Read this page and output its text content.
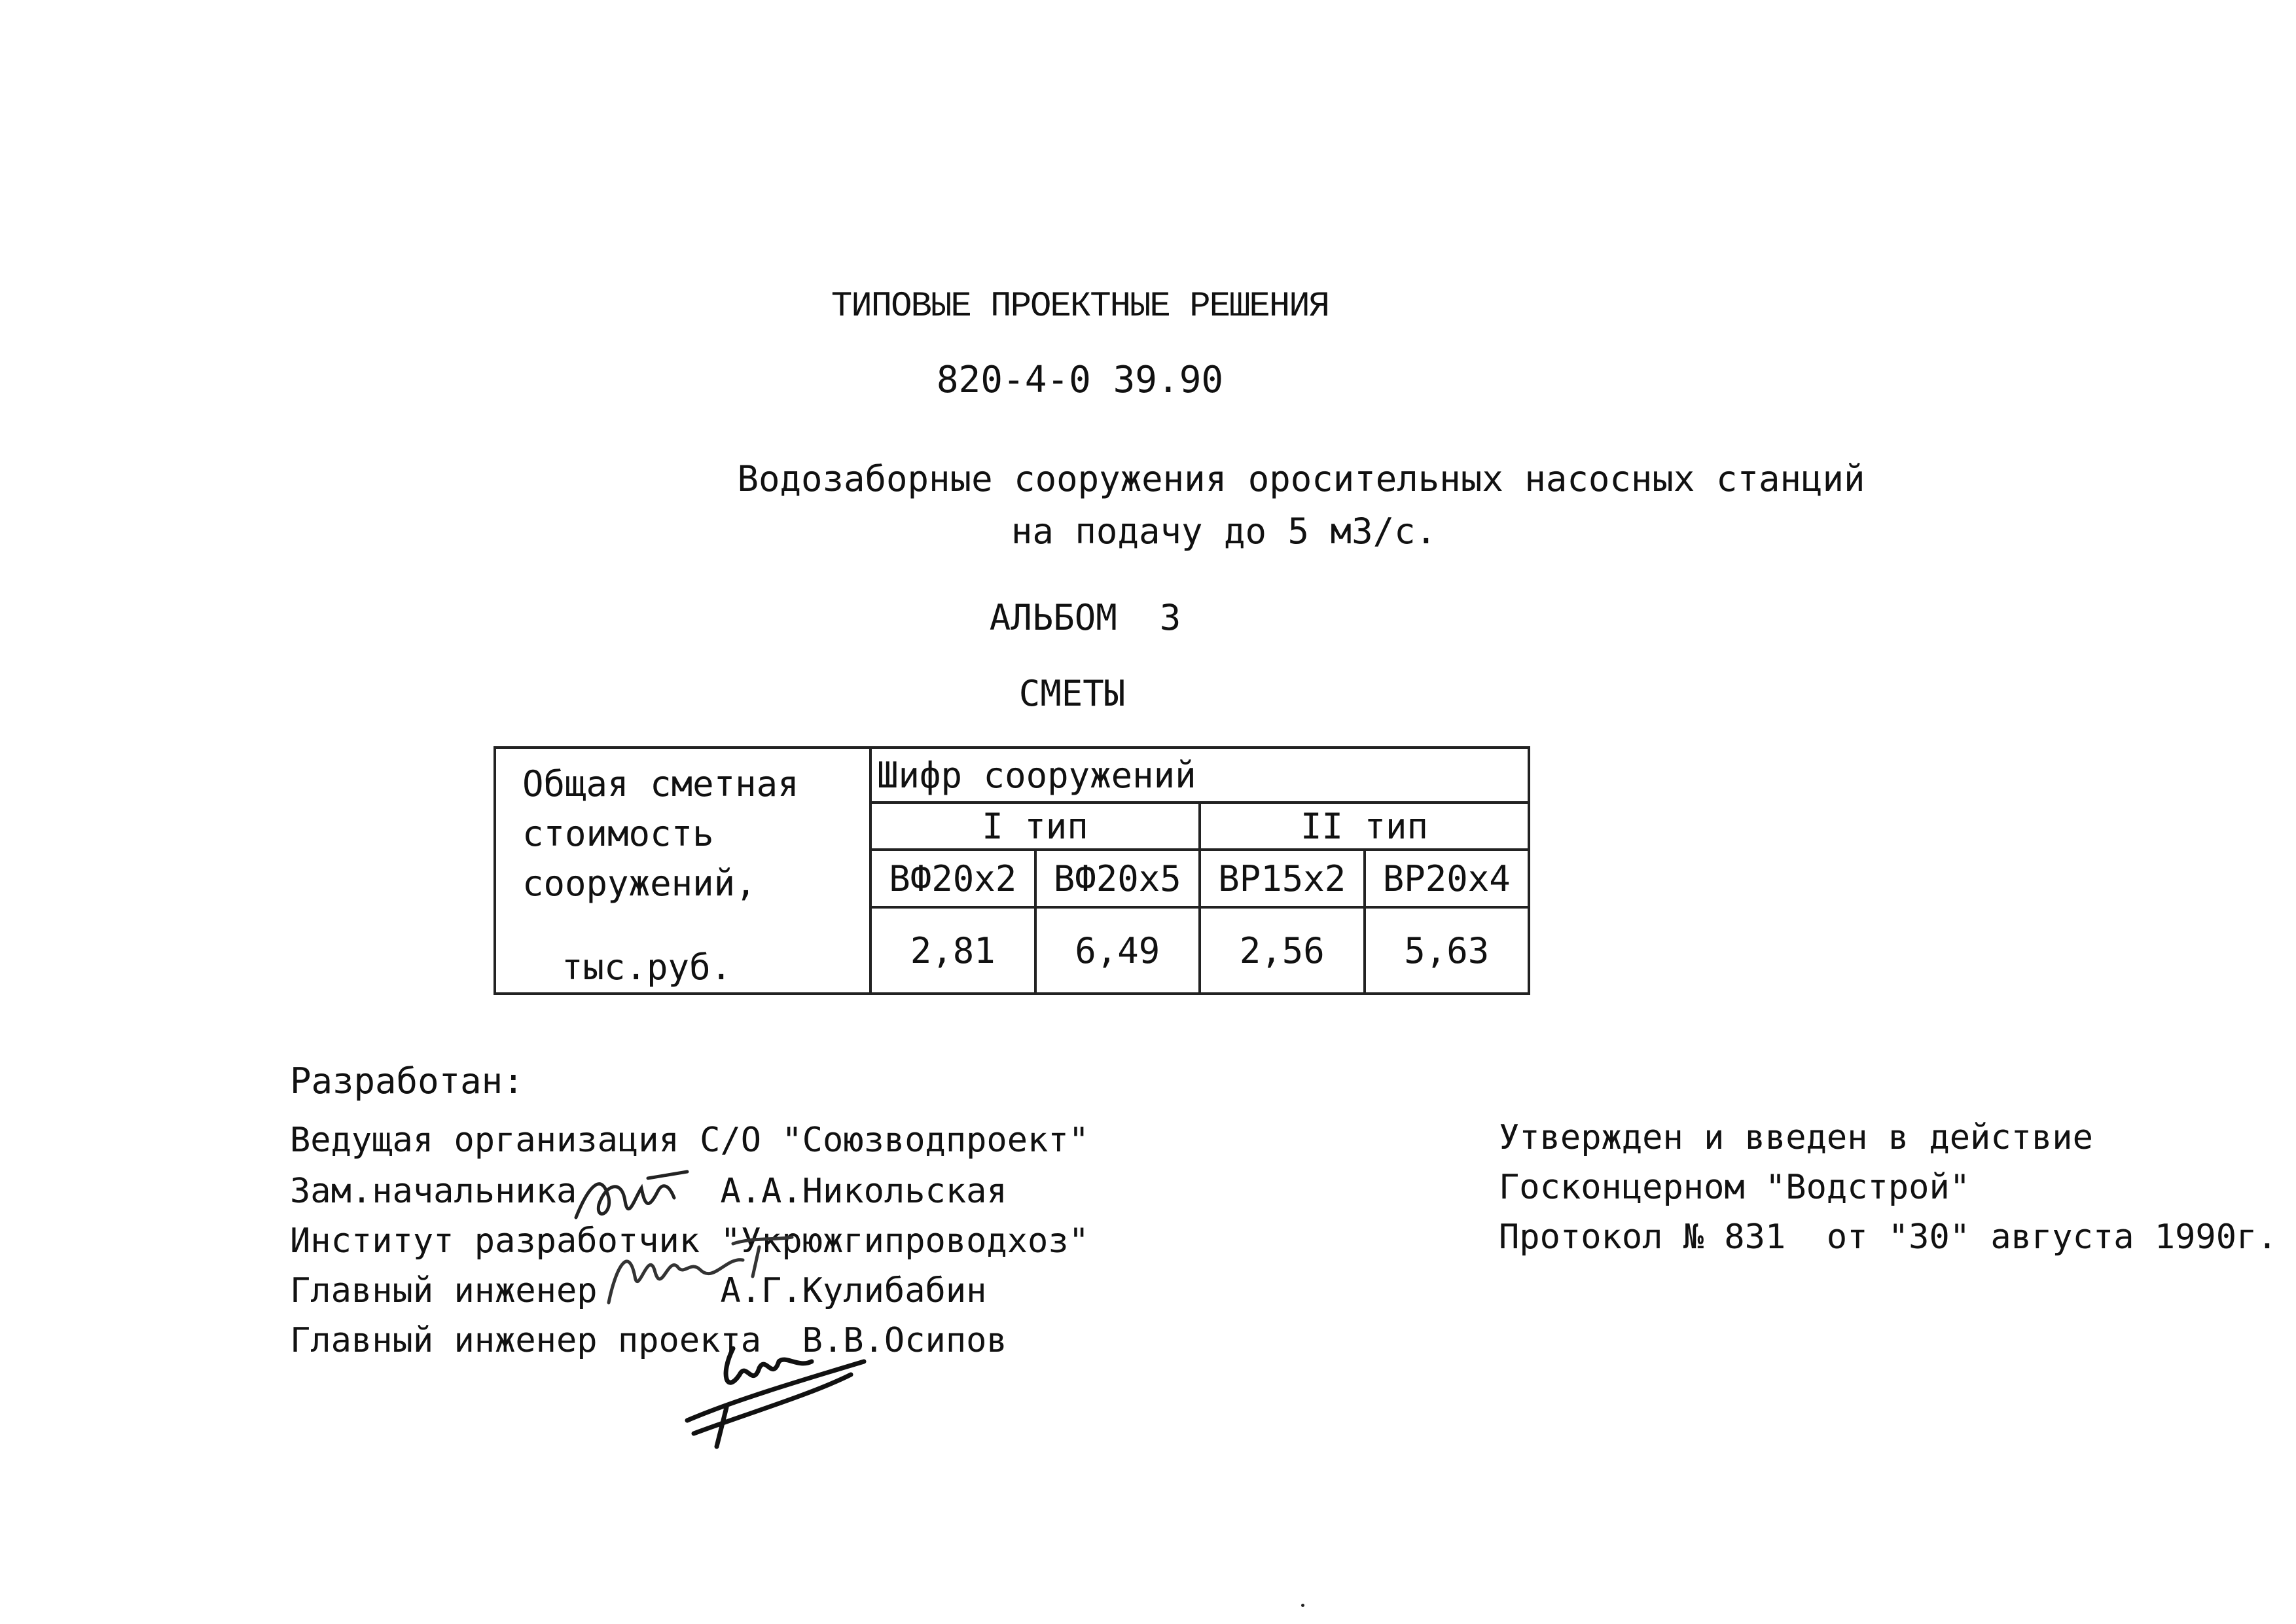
ТИПОВЫЕ ПРОЕКТНЫЕ РЕШЕНИЯ
820-4-0 39.90
Водозаборные сооружения оросительных насосных станций
на подачу до 5 м3/с.
АЛЬБОМ  3
СМЕТЫ
Общая сметная
стоимость
сооружений,
тыс.руб.	Шифр сооружений			
	I тип		II тип	
	ВФ20х2	ВФ20х5	ВР15х2	ВР20х4
	2,81	6,49	2,56	5,63
Разработан:
Ведущая организация С/О "Союзводпроект"
Зам.начальника       А.А.Никольская
Институт разработчик "Укрюжгипроводхоз"
Главный инженер      А.Г.Кулибабин
Главный инженер проекта  В.В.Осипов
Утвержден и введен в действие
Госконцерном "Водстрой"
Протокол № 831  от "30" августа 1990г.
